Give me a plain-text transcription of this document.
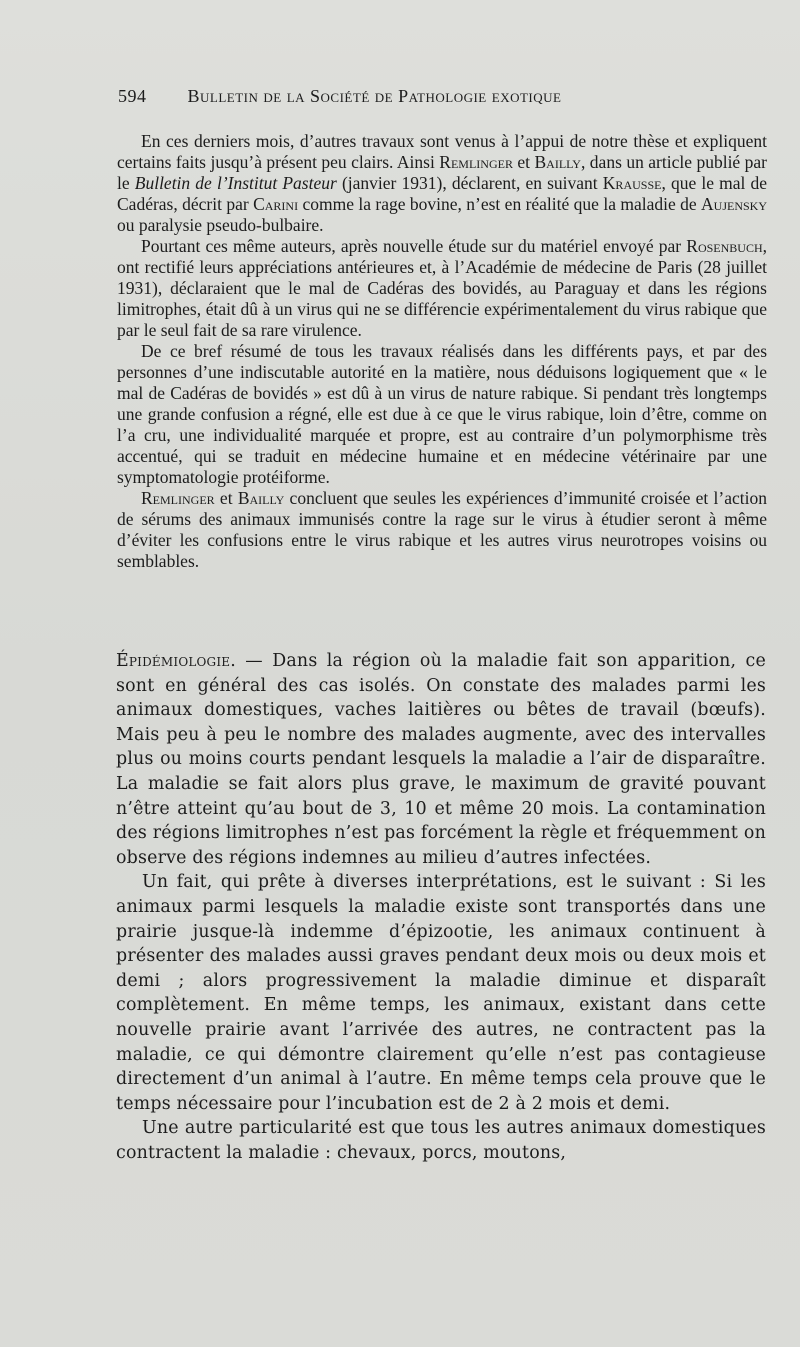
594 Bulletin de la Société de Pathologie exotique

En ces derniers mois, d’autres travaux sont venus à l’appui de notre thèse et expliquent certains faits jusqu’à présent peu clairs. Ainsi Remlinger et Bailly, dans un article publié par le Bulletin de l’Institut Pasteur (janvier 1931), déclarent, en suivant Krausse, que le mal de Cadéras, décrit par Carini comme la rage bovine, n’est en réalité que la maladie de Aujensky ou paralysie pseudo-bulbaire.

Pourtant ces même auteurs, après nouvelle étude sur du matériel envoyé par Rosenbuch, ont rectifié leurs appréciations antérieures et, à l’Académie de médecine de Paris (28 juillet 1931), déclaraient que le mal de Cadéras des bovidés, au Paraguay et dans les régions limitrophes, était dû à un virus qui ne se différencie expérimentalement du virus rabique que par le seul fait de sa rare virulence.

De ce bref résumé de tous les travaux réalisés dans les différents pays, et par des personnes d’une indiscutable autorité en la matière, nous déduisons logiquement que « le mal de Cadéras de bovidés » est dû à un virus de nature rabique. Si pendant très longtemps une grande confusion a régné, elle est due à ce que le virus rabique, loin d’être, comme on l’a cru, une individualité marquée et propre, est au contraire d’un polymorphisme très accentué, qui se traduit en médecine humaine et en médecine vétérinaire par une symptomatologie protéiforme.

Remlinger et Bailly concluent que seules les expériences d’immunité croisée et l’action de sérums des animaux immunisés contre la rage sur le virus à étudier seront à même d’éviter les confusions entre le virus rabique et les autres virus neurotropes voisins ou semblables.

Épidémiologie. — Dans la région où la maladie fait son apparition, ce sont en général des cas isolés. On constate des malades parmi les animaux domestiques, vaches laitières ou bêtes de travail (bœufs). Mais peu à peu le nombre des malades augmente, avec des intervalles plus ou moins courts pendant lesquels la maladie a l’air de disparaître. La maladie se fait alors plus grave, le maximum de gravité pouvant n’être atteint qu’au bout de 3, 10 et même 20 mois. La contamination des régions limitrophes n’est pas forcément la règle et fréquemment on observe des régions indemnes au milieu d’autres infectées.

Un fait, qui prête à diverses interprétations, est le suivant : Si les animaux parmi lesquels la maladie existe sont transportés dans une prairie jusque-là indemme d’épizootie, les animaux continuent à présenter des malades aussi graves pendant deux mois ou deux mois et demi ; alors progressivement la maladie diminue et disparaît complètement. En même temps, les animaux, existant dans cette nouvelle prairie avant l’arrivée des autres, ne contractent pas la maladie, ce qui démontre clairement qu’elle n’est pas contagieuse directement d’un animal à l’autre. En même temps cela prouve que le temps nécessaire pour l’incubation est de 2 à 2 mois et demi.

Une autre particularité est que tous les autres animaux domestiques contractent la maladie : chevaux, porcs, moutons,
